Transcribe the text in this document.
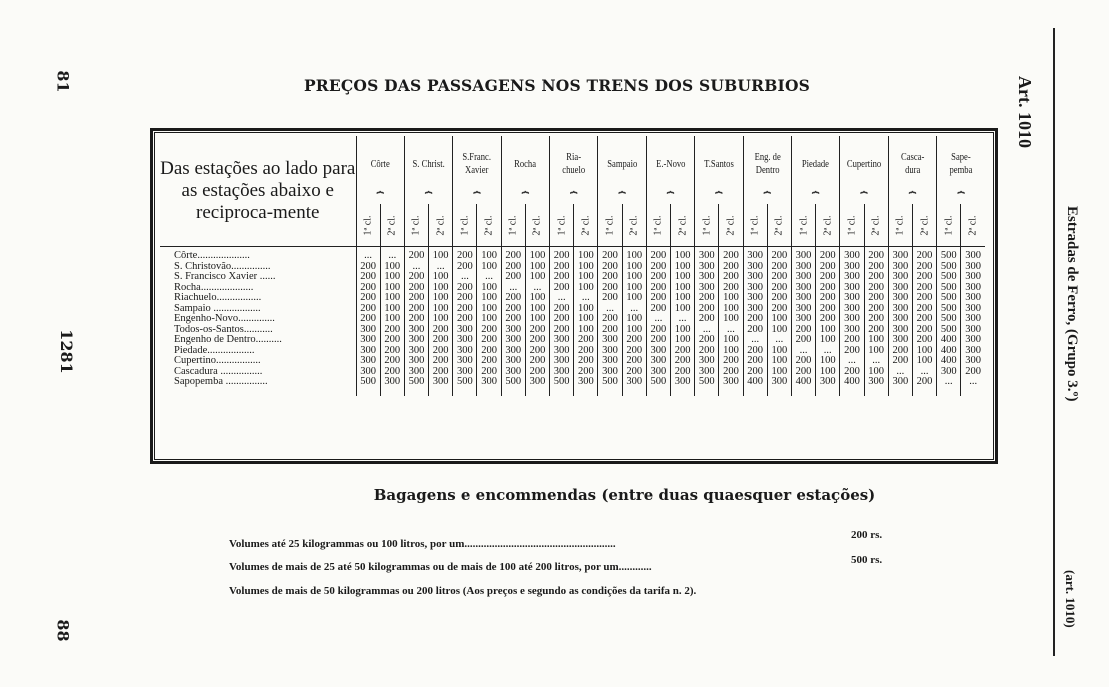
81
1281
88
Art. 1010
Estradas de Ferro, (Grupo 3.º)
(art. 1010)
PREÇOS DAS PASSAGENS NOS TRENS DOS SUBURBIOS
Das estações ao lado para as estações abaixo e reciproca-mente	Côrte		S. Christ.		S.Franc. Xavier		Rocha		Ria-chuelo		Sampaio		E.-Novo		T.Santos		Eng. de Dentro		Piedade		Cupertino		Casca-dura		Sape-pemba	
	⏞		⏞		⏞		⏞		⏞		⏞		⏞		⏞		⏞		⏞		⏞		⏞		⏞	
	1ª cl.	2ª cl.	1ª cl.	2ª cl.	1ª cl.	2ª cl.	1ª cl.	2ª cl.	1ª cl.	2ª cl.	1ª cl.	2ª cl.	1ª cl.	2ª cl.	1ª cl.	2ª cl.	1ª cl.	2ª cl.	1ª cl.	2ª cl.	1ª cl.	2ª cl.	1ª cl.	2ª cl.	1ª cl.	2ª cl.

Côrte....................	...	...	200	100	200	100	200	100	200	100	200	100	200	100	300	200	300	200	300	200	300	200	300	200	500	300
S. Christovão...............	200	100	...	...	200	100	200	100	200	100	200	100	200	100	300	200	300	200	300	200	300	200	300	200	500	300
S. Francisco Xavier ......	200	100	200	100	...	...	200	100	200	100	200	100	200	100	300	200	300	200	300	200	300	200	300	200	500	300
Rocha....................	200	100	200	100	200	100	...	...	200	100	200	100	200	100	300	200	300	200	300	200	300	200	300	200	500	300
Riachuelo.................	200	100	200	100	200	100	200	100	...	...	200	100	200	100	200	100	300	200	300	200	300	200	300	200	500	300
Sampaio ..................	200	100	200	100	200	100	200	100	200	100	...	...	200	100	200	100	300	200	300	200	300	200	300	200	500	300
Engenho-Novo..............	200	100	200	100	200	100	200	100	200	100	200	100	...	...	200	100	200	100	300	200	300	200	300	200	500	300
Todos-os-Santos...........	300	200	300	200	300	200	300	200	200	100	200	100	200	100	...	...	200	100	200	100	300	200	300	200	500	300
Engenho de Dentro..........	300	200	300	200	300	200	300	200	300	200	300	200	200	100	200	100	...	...	200	100	200	100	300	200	400	300
Piedade..................	300	200	300	200	300	200	300	200	300	200	300	200	300	200	200	100	200	100	...	...	200	100	200	100	400	300
Cupertino.................	300	200	300	200	300	200	300	200	300	200	300	200	300	200	300	200	200	100	200	100	...	...	200	100	400	300
Cascadura ................	300	200	300	200	300	200	300	200	300	200	300	200	300	200	300	200	200	100	200	100	200	100	...	...	300	200
Sapopemba ................	500	300	500	300	500	300	500	300	500	300	500	300	500	300	500	300	400	300	400	300	400	300	300	200	...	...

Bagagens e encommendas (entre duas quaesquer estações)
Volumes até 25 kilogrammas ou 100 litros, por um.......................................................
200 rs.
Volumes de mais de 25 até 50 kilogrammas ou de mais de 100 até 200 litros, por um............
500 rs.
Volumes de mais de 50 kilogrammas ou 200 litros (Aos preços e segundo as condições da tarifa n. 2).
